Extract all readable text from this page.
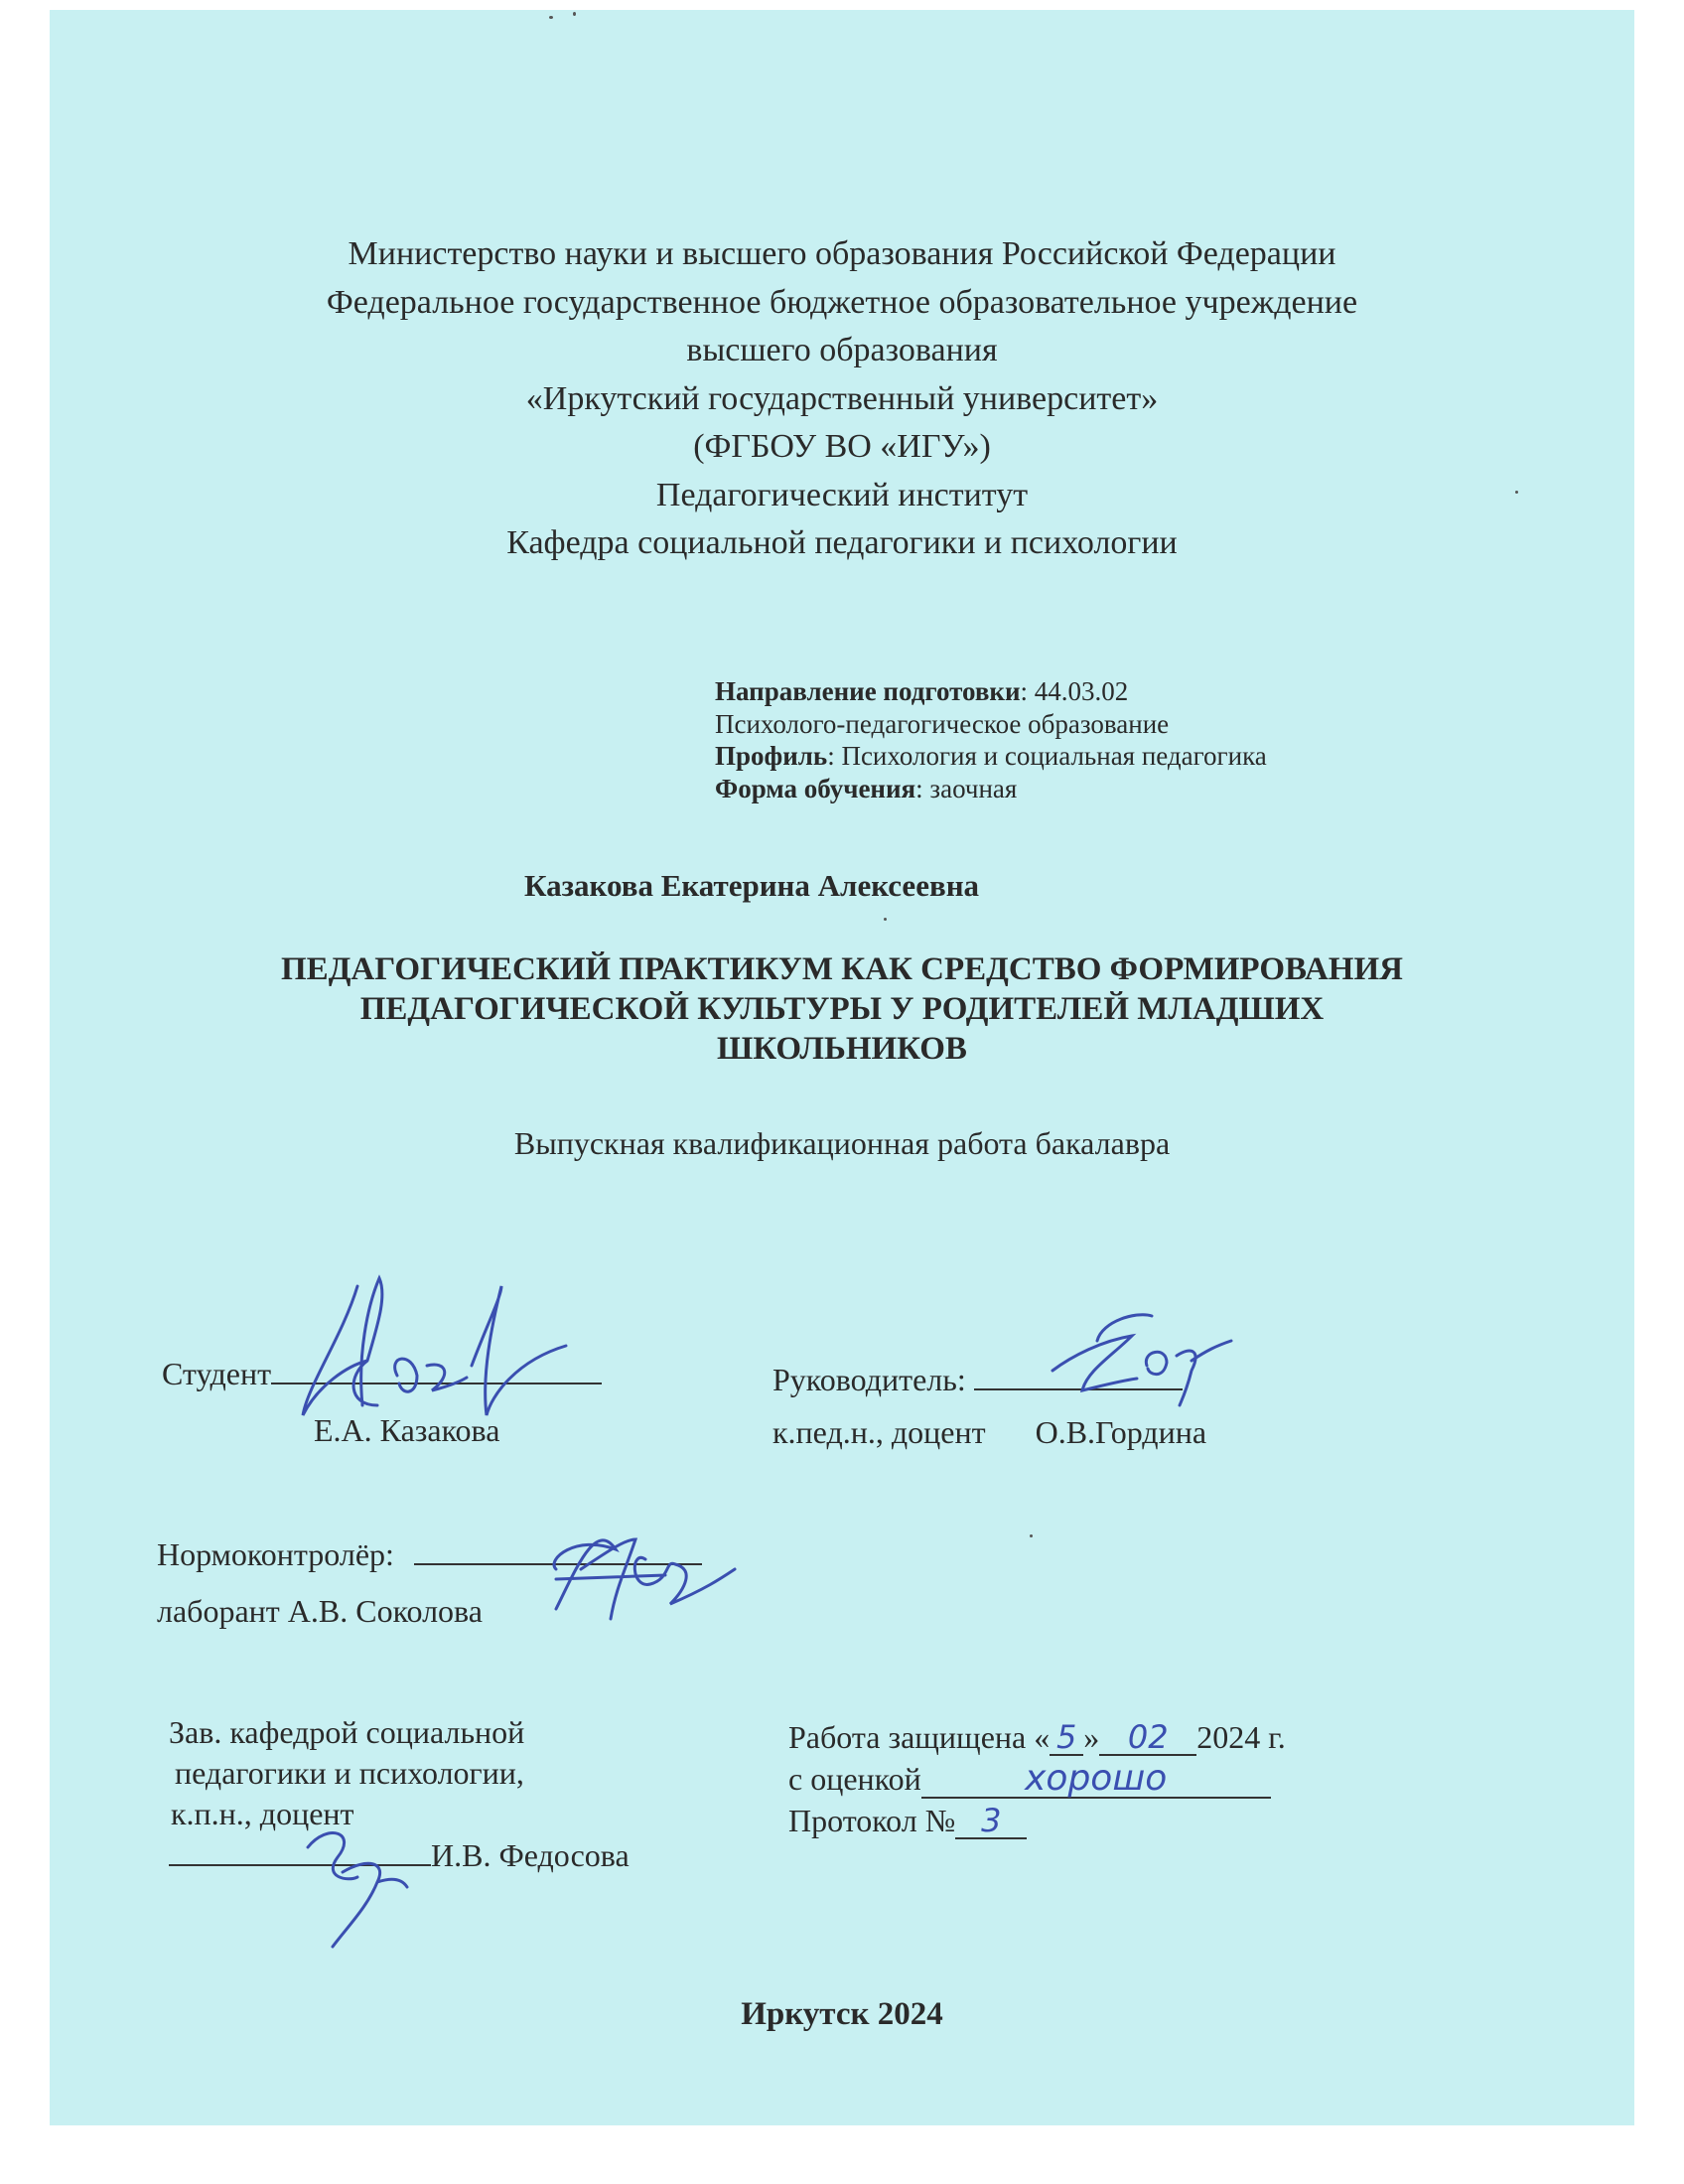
Министерство науки и высшего образования Российской Федерации
Федеральное государственное бюджетное образовательное учреждение
высшего образования
«Иркутский государственный университет»
(ФГБОУ ВО «ИГУ»)
Педагогический институт
Кафедра социальной педагогики и психологии
Направление подготовки: 44.03.02
Психолого-педагогическое образование
Профиль: Психология и социальная педагогика
Форма обучения: заочная
Казакова Екатерина Алексеевна
ПЕДАГОГИЧЕСКИЙ ПРАКТИКУМ КАК СРЕДСТВО ФОРМИРОВАНИЯ
ПЕДАГОГИЧЕСКОЙ КУЛЬТУРЫ У РОДИТЕЛЕЙ МЛАДШИХ
ШКОЛЬНИКОВ
Выпускная квалификационная работа бакалавра
Студент
Е.А. Казакова
Руководитель:
к.пед.н., доцент О.В.Гордина
Нормоконтролёр:
лаборант А.В. Соколова
Зав. кафедрой социальной
педагогики и психологии,
к.п.н., доцент
И.В. Федосова
Работа защищена « 5 » 02 2024 г.
с оценкой	хорошо
Протокол № 3
Иркутск 2024
